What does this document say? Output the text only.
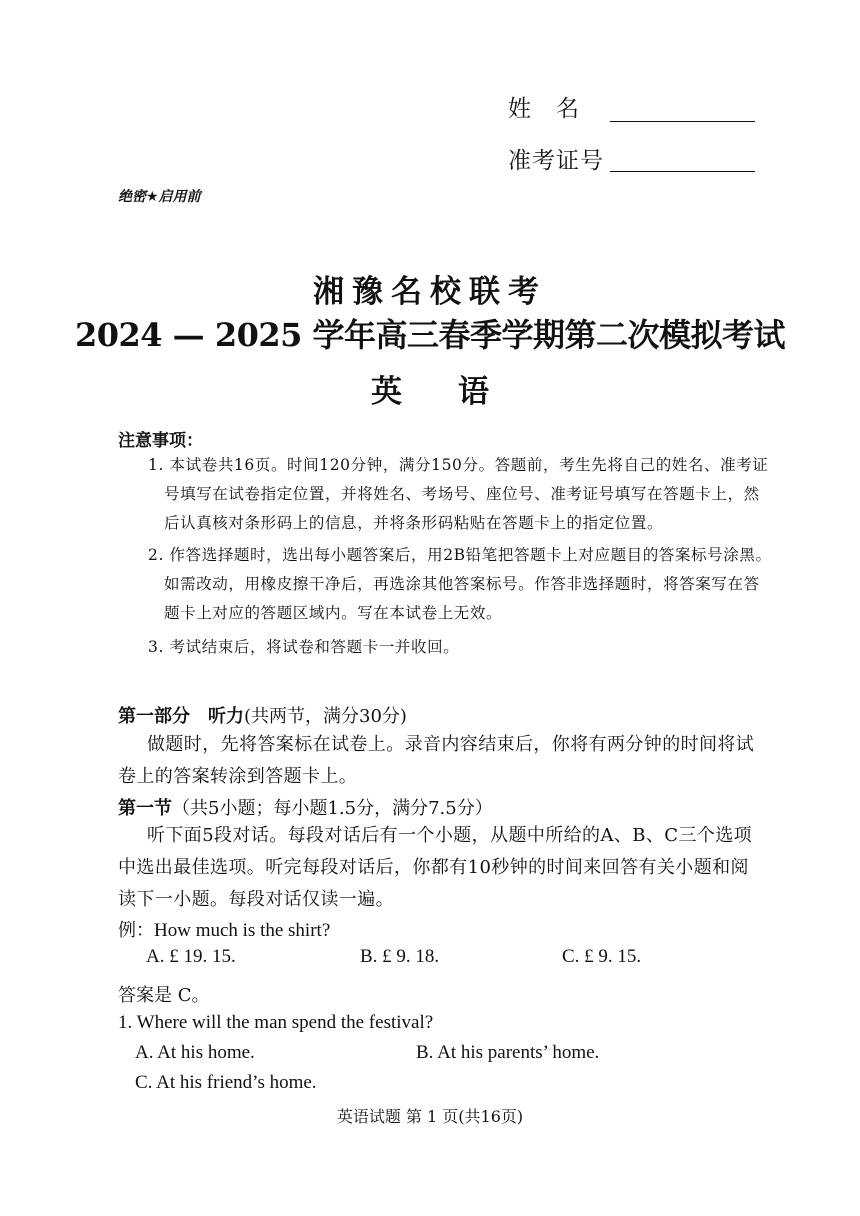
姓　名
准考证号
绝密★启用前
湘豫名校联考
2024 — 2025 学年高三春季学期第二次模拟考试
英 语
注意事项：
1. 本试卷共16页。时间120分钟，满分150分。答题前，考生先将自己的姓名、准考证号填写在试卷指定位置，并将姓名、考场号、座位号、准考证号填写在答题卡上，然后认真核对条形码上的信息，并将条形码粘贴在答题卡上的指定位置。
2. 作答选择题时，选出每小题答案后，用2B铅笔把答题卡上对应题目的答案标号涂黑。如需改动，用橡皮擦干净后，再选涂其他答案标号。作答非选择题时，将答案写在答题卡上对应的答题区域内。写在本试卷上无效。
3. 考试结束后，将试卷和答题卡一并收回。
第一部分　听力(共两节，满分30分)
做题时，先将答案标在试卷上。录音内容结束后，你将有两分钟的时间将试卷上的答案转涂到答题卡上。
第一节（共5小题；每小题1.5分，满分7.5分）
听下面5段对话。每段对话后有一个小题，从题中所给的A、B、C三个选项中选出最佳选项。听完每段对话后，你都有10秒钟的时间来回答有关小题和阅读下一小题。每段对话仅读一遍。
例：How much is the shirt?
A. £ 19. 15.	B. £ 9. 18.	C. £ 9. 15.
答案是 C。
1. Where will the man spend the festival?
A. At his home.	B. At his parents’ home.
C. At his friend’s home.
英语试题 第 1 页(共16页)
